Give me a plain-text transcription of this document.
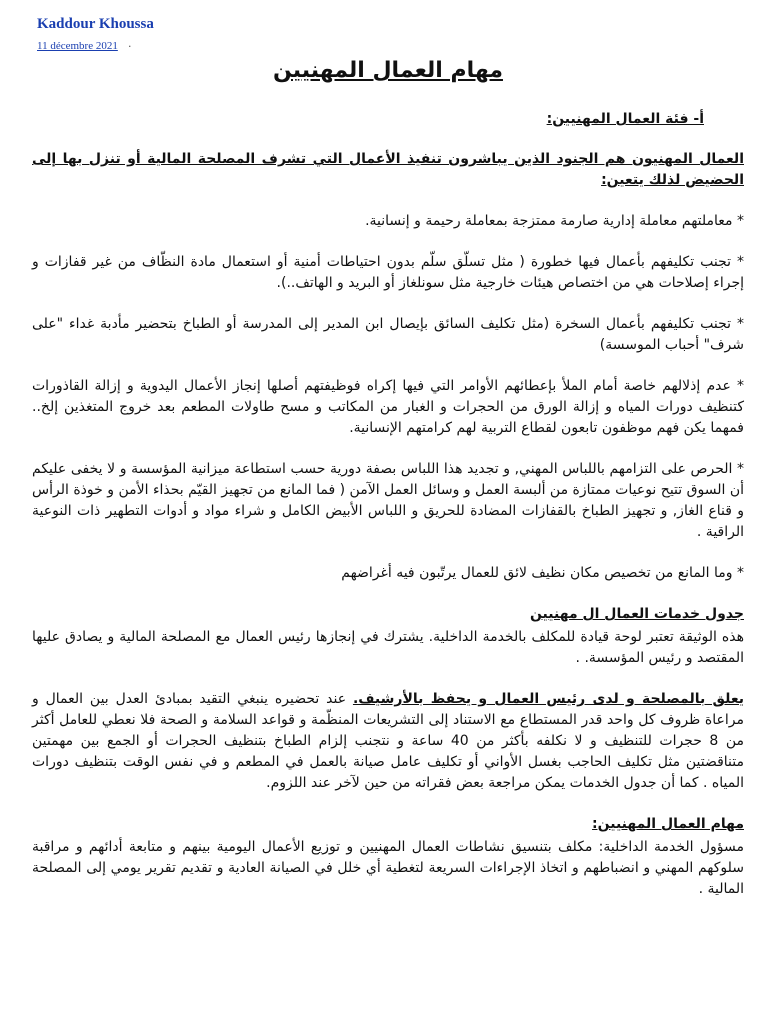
Kaddour Khoussa
11 décembre 2021 ·
مهام العمال المهنيين
أ- فئة العمال المهنيين:

العمال المهنيون هم الجنود الذين يباشرون تنفيذ الأعمال التي تشرف المصلحة المالية أو تنزل بها إلى الحضيض لذلك يتعين:

* معاملتهم معاملة إدارية صارمة ممتزجة بمعاملة رحيمة و إنسانية.

* تجنب تكليفهم بأعمال فيها خطورة ( مثل تسلّق سلّم بدون احتياطات أمنية أو استعمال مادة النظّاف من غير قفازات و إجراء إصلاحات هي من اختصاص هيئات خارجية مثل سونلغاز أو البريد و الهاتف..).

* تجنب تكليفهم بأعمال السخرة (مثل تكليف السائق بإيصال ابن المدير إلى المدرسة أو الطباخ بتحضير مأدبة غداء "على شرف" أحباب الموسسة)

* عدم إذلالهم خاصة أمام الملأ بإعطائهم الأوامر التي فيها إكراه فوظيفتهم أصلها إنجاز الأعمال اليدوية و إزالة القاذورات كتنظيف دورات المياه و إزالة الورق من الحجرات و الغبار من المكاتب و مسح طاولات المطعم بعد خروج المتغذين إلخ.. فمهما يكن فهم موظفون تابعون لقطاع التربية لهم كرامتهم الإنسانية.

* الحرص على التزامهم باللباس المهني, و تجديد هذا اللباس بصفة دورية حسب استطاعة ميزانية المؤسسة و لا يخفى عليكم أن السوق تتيح نوعيات ممتازة من ألبسة العمل و وسائل العمل الآمن ( فما المانع من تجهيز القيّم بحذاء الأمن و خوذة الرأس و قناع الغاز, و تجهيز الطباخ بالقفازات المضادة للحريق و اللباس الأبيض الكامل و شراء مواد و أدوات التطهير ذات النوعية الراقية .

* وما المانع من تخصيص مكان نظيف لائق للعمال يرتّبون فيه أغراضهم

جدول خدمات العمال ال مهنيين

هذه الوثيقة تعتبر لوحة قيادة للمكلف بالخدمة الداخلية. يشترك في إنجازها رئيس العمال مع المصلحة المالية و يصادق عليها المقتصد و رئيس المؤسسة. .

يعلق بالمصلحة و لدى رئيس العمال و يحفظ بالأرشيف. عند تحضيره ينبغي التقيد بمبادئ العدل بين العمال و مراعاة ظروف كل واحد قدر المستطاع مع الاستناد إلى التشريعات المنظّمة و قواعد السلامة و الصحة فلا نعطي للعامل أكثر من 8 حجرات للتنظيف و لا نكلفه بأكثر من 40 ساعة و نتجنب إلزام الطباخ بتنظيف الحجرات أو الجمع بين مهمتين متناقضتين مثل تكليف الحاجب بغسل الأواني أو تكليف عامل صيانة بالعمل في المطعم و في نفس الوقت بتنظيف دورات المياه . كما أن جدول الخدمات يمكن مراجعة بعض فقراته من حين لآخر عند اللزوم.

مهام العمال المهنيين:

مسؤول الخدمة الداخلية: مكلف بتنسيق نشاطات العمال المهنيين و توزيع الأعمال اليومية بينهم و متابعة أدائهم و مراقبة سلوكهم المهني و انضباطهم و اتخاذ الإجراءات السريعة لتغطية أي خلل في الصيانة العادية و تقديم تقرير يومي إلى المصلحة المالية .
